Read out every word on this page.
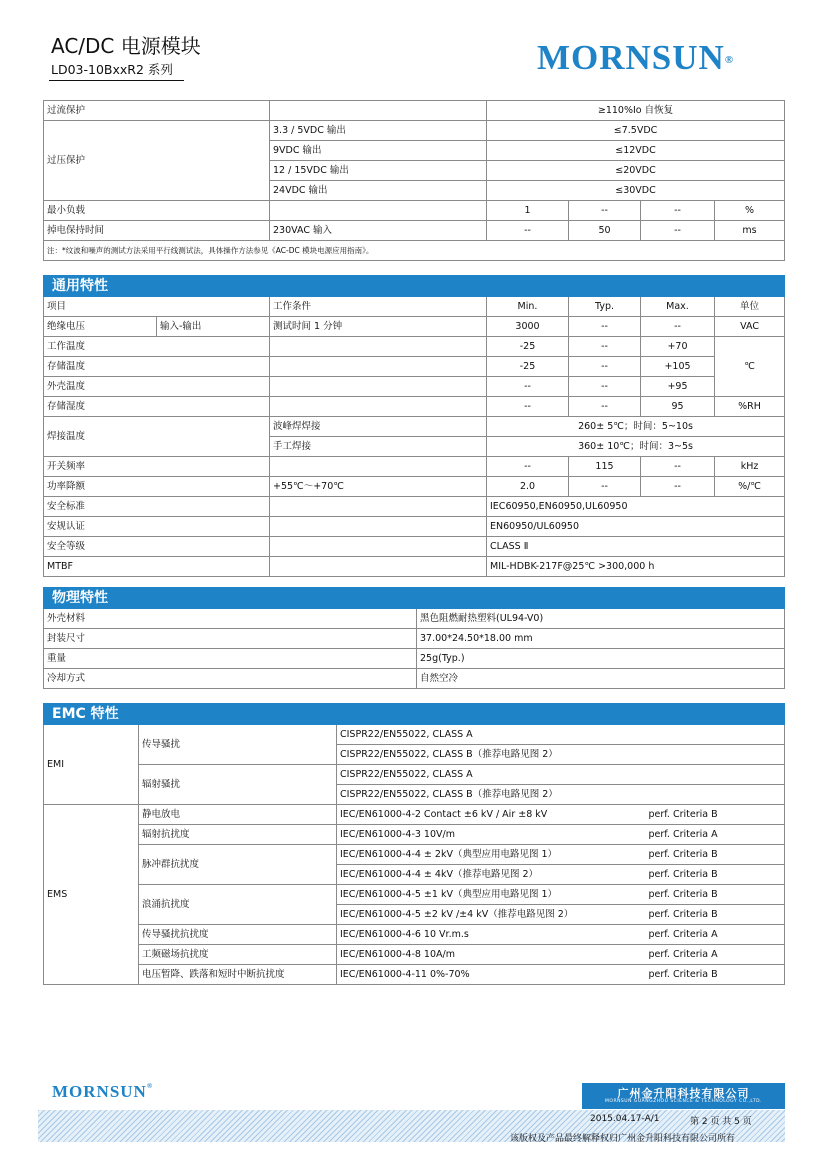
AC/DC 电源模块
LD03-10BxxR2 系列	MORNSUN®
过流保护		≥110%Io 自恢复			
过压保护	3.3 / 5VDC 输出	≤7.5VDC			
	9VDC 输出	≤12VDC			
	12 / 15VDC 输出	≤20VDC			
	24VDC 输出	≤30VDC			
最小负载		1	--	--	%
掉电保持时间	230VAC 输入	--	50	--	ms
注：*纹波和噪声的测试方法采用平行线测试法，具体操作方法参见《AC-DC 模块电源应用指南》。					
通用特性						
项目		工作条件	Min.	Typ.	Max.	单位
绝缘电压	输入-输出	测试时间 1 分钟	3000	--	--	VAC
工作温度			-25	--	+70	℃
存储温度			-25	--	+105	
外壳温度			--	--	+95	
存储湿度			--	--	95	%RH
焊接温度		波峰焊焊接	260± 5℃；时间：5~10s			
		手工焊接	360± 10℃；时间：3~5s			
开关频率			--	115	--	kHz
功率降额		+55℃～+70℃	2.0	--	--	%/℃
安全标准			IEC60950,EN60950,UL60950			
安规认证			EN60950/UL60950			
安全等级			CLASS Ⅱ			
MTBF			MIL-HDBK-217F@25℃ >300,000 h			
物理特性	
外壳材料	黑色阻燃耐热塑料(UL94-V0)
封装尺寸	37.00*24.50*18.00 mm
重量	25g(Typ.)
冷却方式	自然空冷
EMC 特性			
EMI	传导骚扰	CISPR22/EN55022, CLASS A	
		CISPR22/EN55022, CLASS B（推荐电路见图 2）	
	辐射骚扰	CISPR22/EN55022, CLASS A	
		CISPR22/EN55022, CLASS B（推荐电路见图 2）	
EMS	静电放电	IEC/EN61000-4-2 Contact ±6 kV / Air ±8 kV	perf. Criteria B
	辐射抗扰度	IEC/EN61000-4-3 10V/m	perf. Criteria A
	脉冲群抗扰度	IEC/EN61000-4-4 ± 2kV（典型应用电路见图 1）	perf. Criteria B
		IEC/EN61000-4-4 ± 4kV（推荐电路见图 2）	perf. Criteria B
	浪涌抗扰度	IEC/EN61000-4-5 ±1 kV（典型应用电路见图 1）	perf. Criteria B
		IEC/EN61000-4-5 ±2 kV /±4 kV（推荐电路见图 2）	perf. Criteria B
	传导骚扰抗扰度	IEC/EN61000-4-6 10 Vr.m.s	perf. Criteria A
	工频磁场抗扰度	IEC/EN61000-4-8 10A/m	perf. Criteria A
	电压暂降、跌落和短时中断抗扰度	IEC/EN61000-4-11 0%-70%	perf. Criteria B
MORNSUN®
广州金升阳科技有限公司
MORNSUN GUANGZHOU SCIENCE & TECHNOLOGY CO.,LTD.
2015.04.17-A/1	第 2 页 共 5 页
该版权及产品最终解释权归广州金升阳科技有限公司所有
